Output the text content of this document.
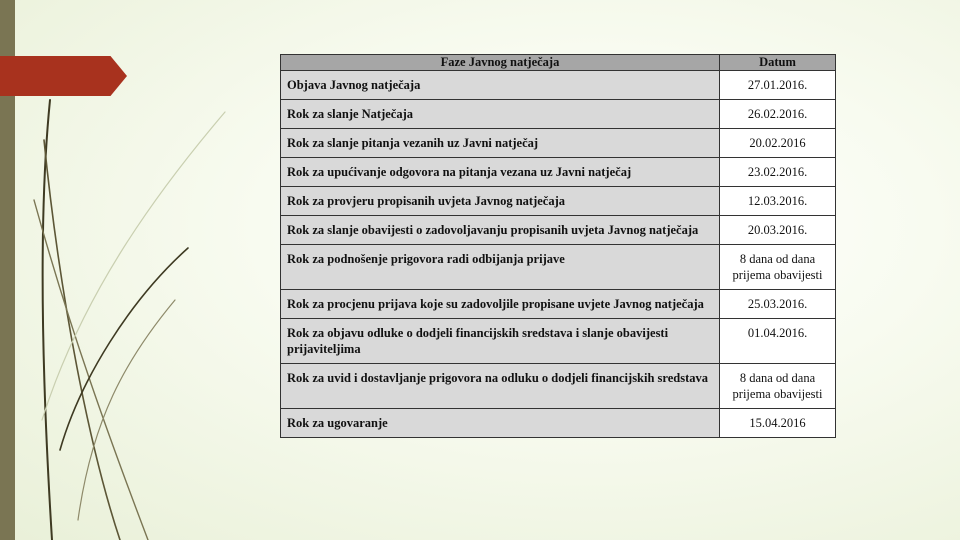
Faze Javnog natječaja	Datum
Objava Javnog natječaja	27.01.2016.
Rok za slanje Natječaja	26.02.2016.
Rok za slanje pitanja vezanih uz Javni natječaj	20.02.2016
Rok za upućivanje odgovora na pitanja vezana uz Javni natječaj	23.02.2016.
Rok za provjeru propisanih uvjeta Javnog natječaja	12.03.2016.
Rok za slanje obavijesti o zadovoljavanju propisanih uvjeta Javnog natječaja	20.03.2016.
Rok za podnošenje prigovora radi odbijanja prijave	8 dana od dana prijema obavijesti
Rok za procjenu prijava koje su zadovoljile propisane uvjete Javnog natječaja	25.03.2016.
Rok za objavu odluke o dodjeli financijskih sredstava i slanje obavijesti prijaviteljima	01.04.2016.
Rok za uvid i dostavljanje prigovora na odluku o dodjeli financijskih sredstava	8 dana od dana prijema obavijesti
Rok za ugovaranje	15.04.2016
